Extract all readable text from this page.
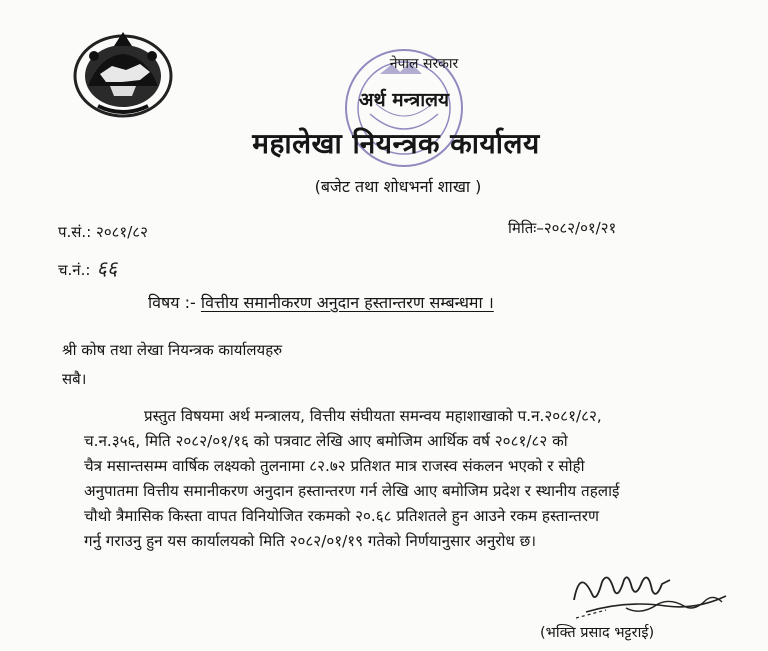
नेपाल सरकार
अर्थ मन्त्रालय
महालेखा नियन्त्रक कार्यालय
(बजेट तथा शोधभर्ना शाखा )
प.सं.: २०८१/८२
च.नं.: ६६
मितिः–२०८२/०१/२१
विषय :- वित्तीय समानीकरण अनुदान हस्तान्तरण सम्बन्धमा ।
श्री कोष तथा लेखा नियन्त्रक कार्यालयहरु
सबै।
प्रस्तुत विषयमा अर्थ मन्त्रालय, वित्तीय संघीयता समन्वय महाशाखाको प.न.२०८१/८२,
च.न.३५६, मिति २०८२/०१/१६ को पत्रवाट लेखि आए बमोजिम आर्थिक वर्ष २०८१/८२ को
चैत्र मसान्तसम्म वार्षिक लक्ष्यको तुलनामा ८२.७२ प्रतिशत मात्र राजस्व संकलन भएको र सोही
अनुपातमा वित्तीय समानीकरण अनुदान हस्तान्तरण गर्न लेखि आए बमोजिम प्रदेश र स्थानीय तहलाई
चौथो त्रैमासिक किस्ता वापत विनियोजित रकमको २०.६८ प्रतिशतले हुन आउने रकम हस्तान्तरण
गर्नु गराउनु हुन यस कार्यालयको मिति २०८२/०१/१९ गतेको निर्णयानुसार अनुरोध छ।
(भक्ति प्रसाद भट्टराई)
